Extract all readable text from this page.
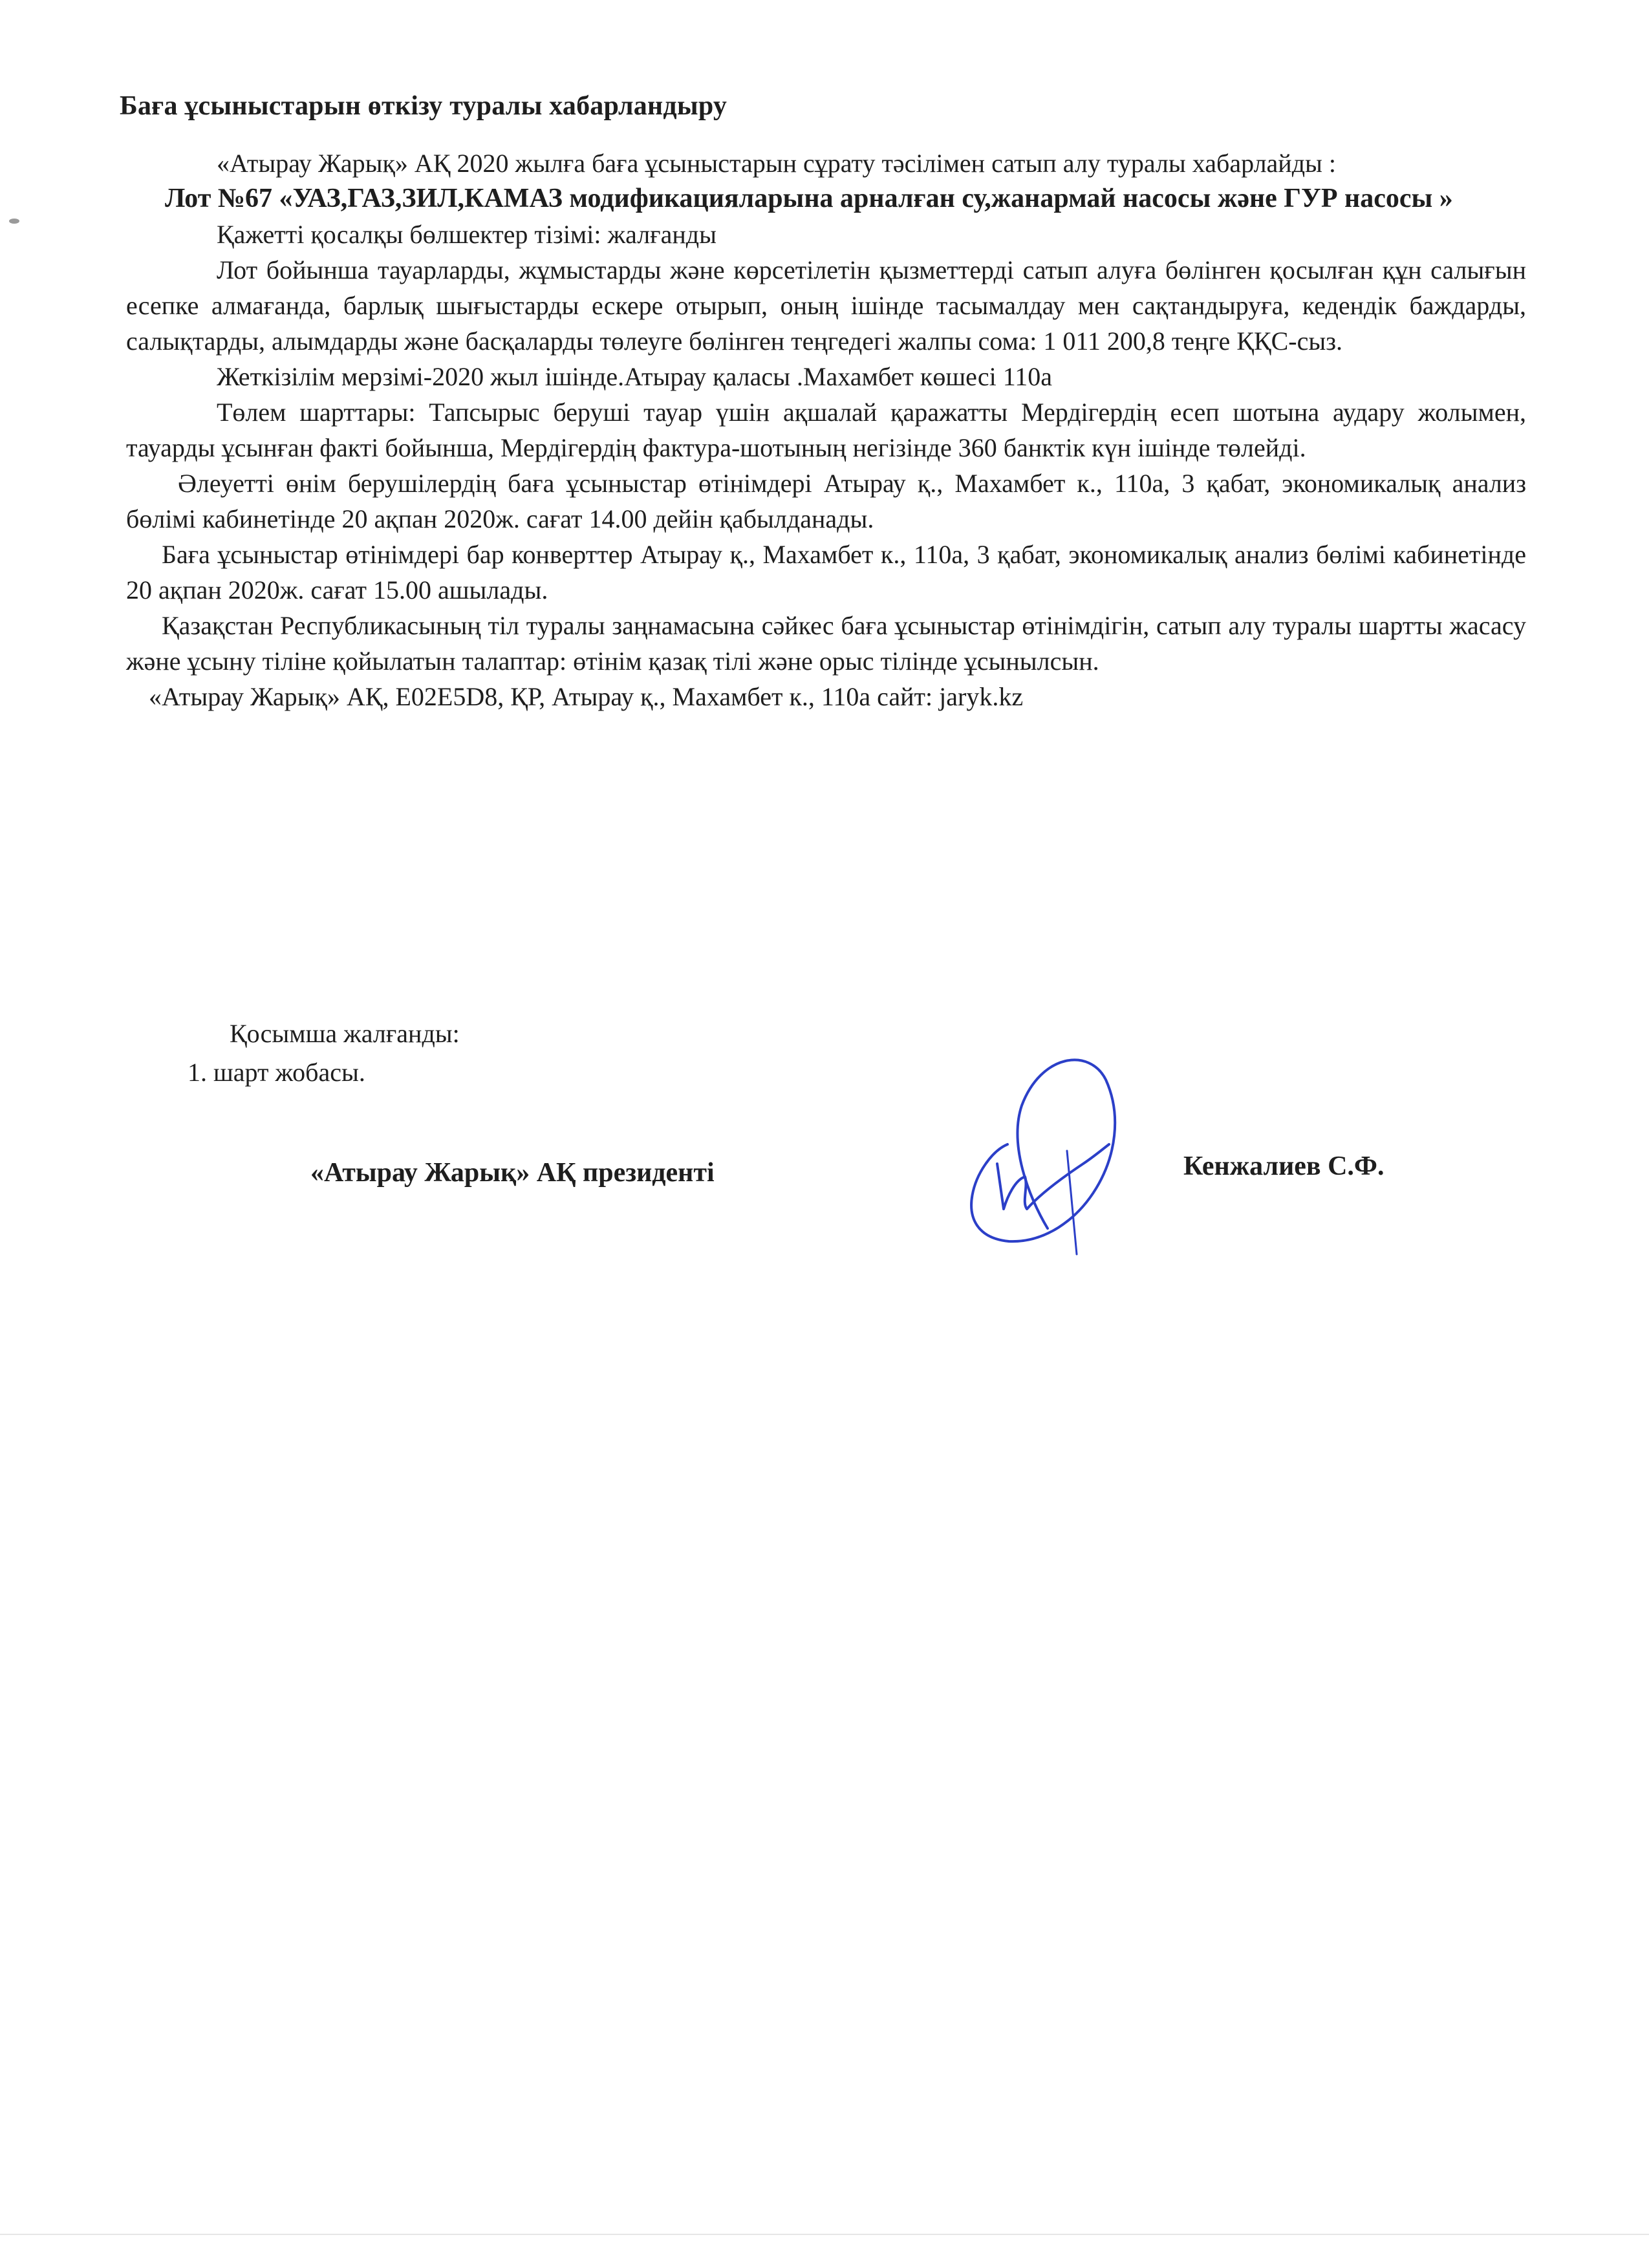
Баға ұсыныстарын өткізу туралы хабарландыру

«Атырау Жарық» АҚ 2020 жылға баға ұсыныстарын сұрату тәсілімен сатып алу туралы хабарлайды :

Лот №67 «УАЗ,ГАЗ,ЗИЛ,КАМАЗ модификацияларына арналған су,жанармай насосы және ГУР насосы »

Қажетті қосалқы бөлшектер тізімі: жалғанды

Лот бойынша тауарларды, жұмыстарды және көрсетілетін қызметтерді сатып алуға бөлінген қосылған құн салығын есепке алмағанда, барлық шығыстарды ескере отырып, оның ішінде тасымалдау мен сақтандыруға, кедендік баждарды, салықтарды, алымдарды және басқаларды төлеуге бөлінген теңгедегі жалпы сома: 1 011 200,8 теңге ҚҚС-сыз.

Жеткізілім мерзімі-2020 жыл ішінде.Атырау қаласы .Махамбет көшесі 110а

Төлем шарттары: Тапсырыс беруші тауар үшін ақшалай қаражатты Мердігердің есеп шотына аудару жолымен, тауарды ұсынған факті бойынша, Мердігердің фактура-шотының негізінде 360 банктік күн ішінде төлейді.

Әлеуетті өнім берушілердің баға ұсыныстар өтінімдері Атырау қ., Махамбет к., 110а, 3 қабат, экономикалық анализ бөлімі кабинетінде 20 ақпан 2020ж. сағат 14.00 дейін қабылданады.

Баға ұсыныстар өтінімдері бар конверттер Атырау қ., Махамбет к., 110а, 3 қабат, экономикалық анализ бөлімі кабинетінде 20 ақпан 2020ж. сағат 15.00 ашылады.

Қазақстан Республикасының тіл туралы заңнамасына сәйкес баға ұсыныстар өтінімдігін, сатып алу туралы шартты жасасу және ұсыну тіліне қойылатын талаптар: өтінім қазақ тілі және орыс тілінде ұсынылсын.

«Атырау Жарық» АҚ, E02E5D8, ҚР, Атырау қ., Махамбет к., 110а сайт: jaryk.kz

Қосымша жалғанды:
1. шарт жобасы.
«Атырау Жарық» АҚ президенті	Кенжалиев С.Ф.
